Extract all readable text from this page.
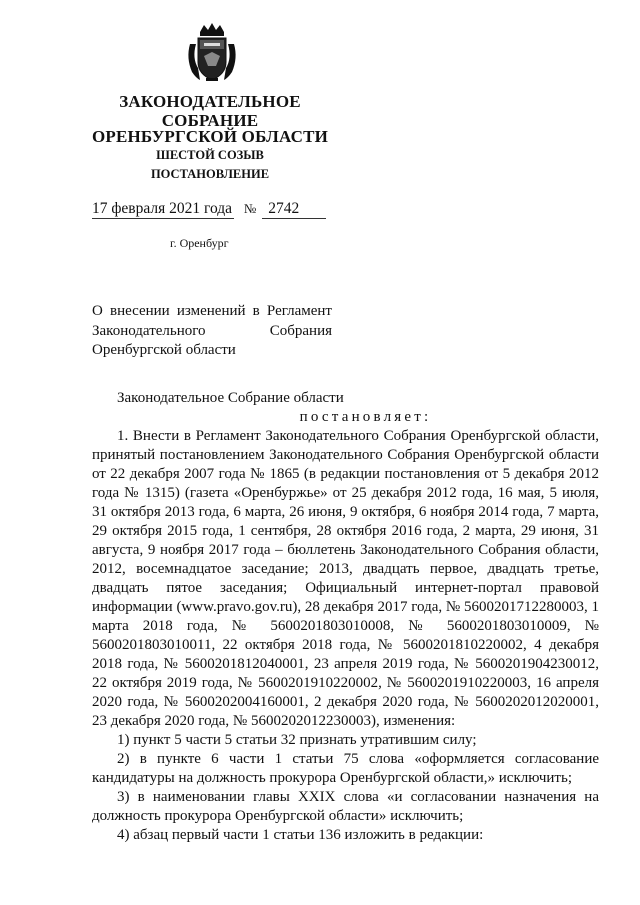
ЗАКОНОДАТЕЛЬНОЕ
СОБРАНИЕ
ОРЕНБУРГСКОЙ ОБЛАСТИ
ШЕСТОЙ СОЗЫВ
ПОСТАНОВЛЕНИЕ
17 февраля 2021 года № 2742
г. Оренбург
О внесении изменений в Регламент Законодательного Собрания Оренбургской области

Законодательное Собрание области

постановляет:

1. Внести в Регламент Законодательного Собрания Оренбургской области, принятый постановлением Законодательного Собрания Оренбургской области от 22 декабря 2007 года № 1865 (в редакции постановления от 5 декабря 2012 года № 1315) (газета «Оренбуржье» от 25 декабря 2012 года, 16 мая, 5 июля, 31 октября 2013 года, 6 марта, 26 июня, 9 октября, 6 ноября 2014 года, 7 марта, 29 октября 2015 года, 1 сентября, 28 октября 2016 года, 2 марта, 29 июня, 31 августа, 9 ноября 2017 года – бюллетень Законодательного Собрания области, 2012, восемнадцатое заседание; 2013, двадцать первое, двадцать третье, двадцать пятое заседания; Официальный интернет-портал правовой информации (www.pravo.gov.ru), 28 декабря 2017 года, № 5600201712280003, 1 марта 2018 года, № 5600201803010008, № 5600201803010009, № 5600201803010011, 22 октября 2018 года, № 5600201810220002, 4 декабря 2018 года, № 5600201812040001, 23 апреля 2019 года, № 5600201904230012, 22 октября 2019 года, № 5600201910220002, № 5600201910220003, 16 апреля 2020 года, № 5600202004160001, 2 декабря 2020 года, № 5600202012020001, 23 декабря 2020 года, № 5600202012230003), изменения:

1) пункт 5 части 5 статьи 32 признать утратившим силу;

2) в пункте 6 части 1 статьи 75 слова «оформляется согласование кандидатуры на должность прокурора Оренбургской области,» исключить;

3) в наименовании главы XXIX слова «и согласовании назначения на должность прокурора Оренбургской области» исключить;

4) абзац первый части 1 статьи 136 изложить в редакции:
